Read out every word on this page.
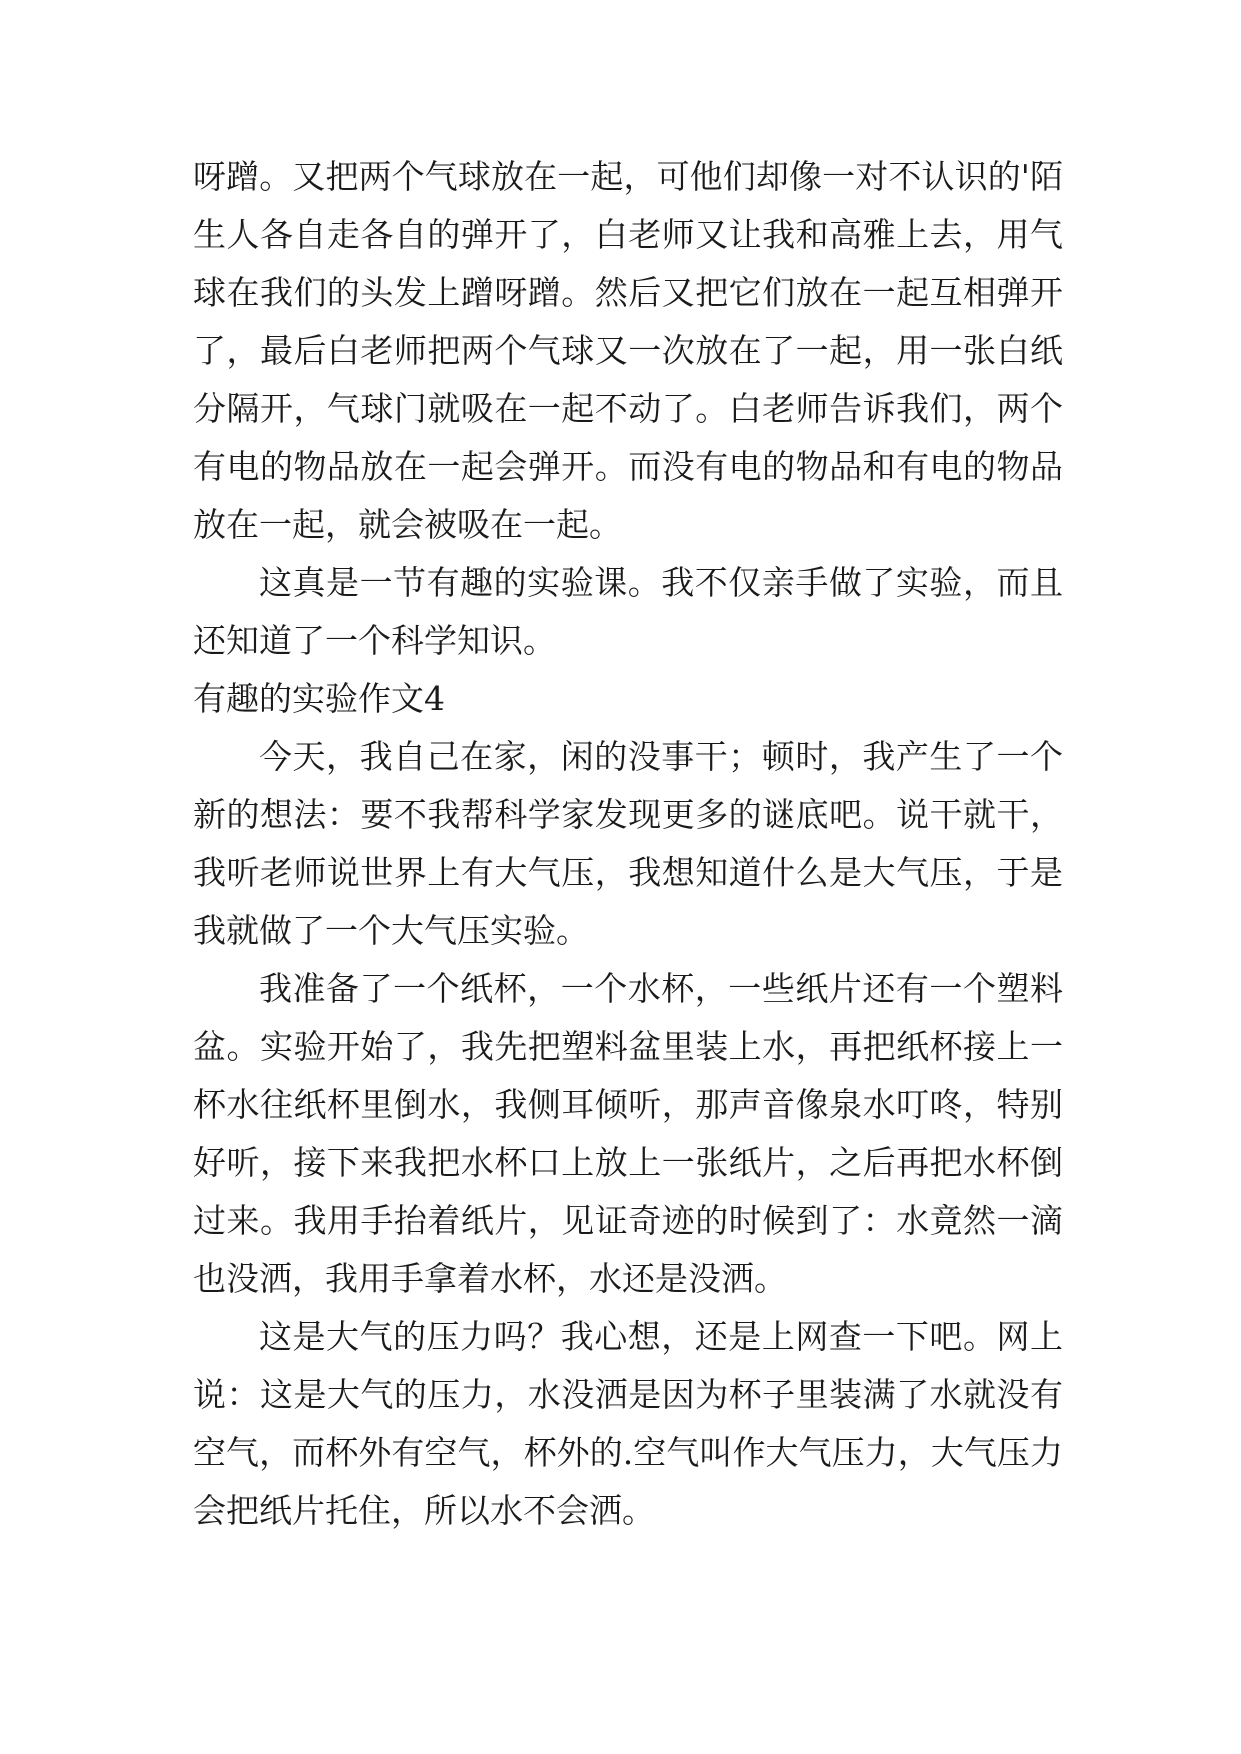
呀蹭。又把两个气球放在一起，可他们却像一对不认识的'陌生人各自走各自的弹开了，白老师又让我和高雅上去，用气球在我们的头发上蹭呀蹭。然后又把它们放在一起互相弹开了，最后白老师把两个气球又一次放在了一起，用一张白纸分隔开，气球门就吸在一起不动了。白老师告诉我们，两个有电的物品放在一起会弹开。而没有电的物品和有电的物品放在一起，就会被吸在一起。

这真是一节有趣的实验课。我不仅亲手做了实验，而且还知道了一个科学知识。

有趣的实验作文4

今天，我自己在家，闲的没事干；顿时，我产生了一个新的想法：要不我帮科学家发现更多的谜底吧。说干就干，我听老师说世界上有大气压，我想知道什么是大气压，于是我就做了一个大气压实验。

我准备了一个纸杯，一个水杯，一些纸片还有一个塑料盆。实验开始了，我先把塑料盆里装上水，再把纸杯接上一杯水往纸杯里倒水，我侧耳倾听，那声音像泉水叮咚，特别好听，接下来我把水杯口上放上一张纸片，之后再把水杯倒过来。我用手抬着纸片，见证奇迹的时候到了：水竟然一滴也没洒，我用手拿着水杯，水还是没洒。

这是大气的压力吗？我心想，还是上网查一下吧。网上说：这是大气的压力，水没洒是因为杯子里装满了水就没有空气，而杯外有空气，杯外的.空气叫作大气压力，大气压力会把纸片托住，所以水不会洒。
